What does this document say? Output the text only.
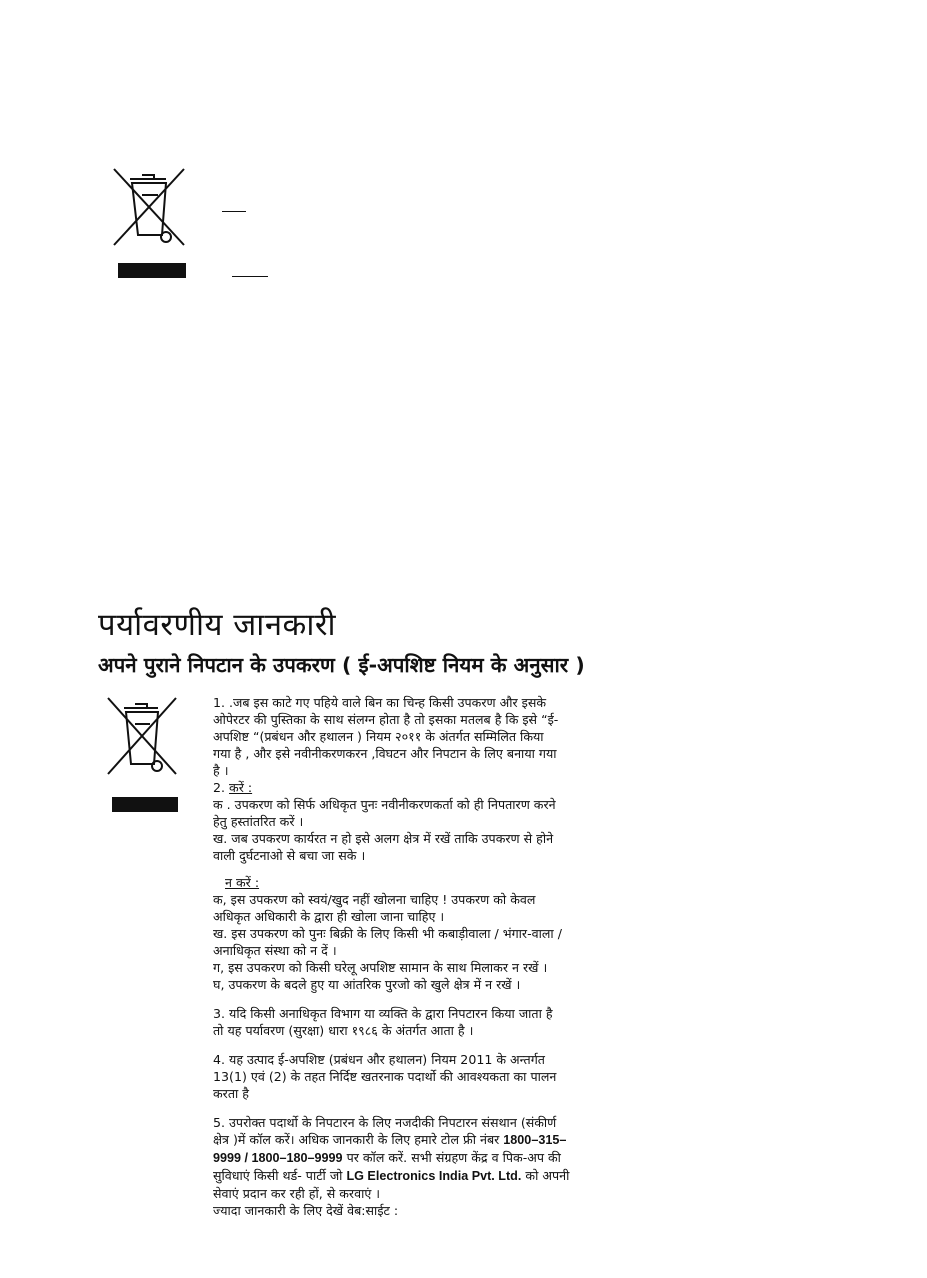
पर्यावरणीय जानकारी
अपने पुराने निपटान के उपकरण ( ई-अपशिष्ट नियम के अनुसार )

1. .जब इस काटे गए पहिये वाले बिन का चिन्ह किसी उपकरण और इसके

ओपेरटर की पुस्तिका के साथ संलग्न होता है तो इसका मतलब है कि इसे “ई-

अपशिष्ट “(प्रबंधन और हथालन ) नियम २०११ के अंतर्गत सम्मिलित किया

गया है , और इसे नवीनीकरणकरन ,विघटन और निपटान के लिए बनाया गया

है ।

2. करें :

क . उपकरण को सिर्फ अधिकृत पुनः नवीनीकरणकर्ता को ही निपतारण करने

हेतु हस्तांतरित करें ।

ख. जब उपकरण कार्यरत न हो इसे अलग क्षेत्र में रखें ताकि उपकरण से होने

वाली दुर्घटनाओ से बचा जा सके ।

न करें :

क, इस उपकरण को स्वयं/खुद नहीं खोलना चाहिए ! उपकरण को केवल

अधिकृत अधिकारी के द्वारा ही खोला जाना चाहिए ।

ख. इस उपकरण को पुनः बिक्री के लिए किसी भी कबाड़ीवाला / भंगार-वाला /

अनाधिकृत संस्था को न दें ।

ग, इस उपकरण को किसी घरेलू अपशिष्ट सामान के साथ मिलाकर न रखें ।

घ, उपकरण के बदले हुए या आंतरिक पुरजो को खुले क्षेत्र में न रखें ।

3. यदि किसी अनाधिकृत विभाग या व्यक्ति के द्वारा निपटारन किया जाता है

तो यह पर्यावरण (सुरक्षा) धारा १९८६ के अंतर्गत आता है ।

4. यह उत्पाद ई-अपशिष्ट (प्रबंधन और हथालन) नियम 2011 के अन्तर्गत

13(1) एवं (2) के तहत निर्दिष्ट खतरनाक पदार्थो की आवश्यकता का पालन

करता है

5. उपरोक्त पदार्थो के निपटारन के लिए नजदीकी निपटारन संसथान (संकीर्ण

क्षेत्र )में कॉल करें। अधिक जानकारी के लिए हमारे टोल फ्री नंबर 1800–315–

9999 / 1800–180–9999 पर कॉल करें. सभी संग्रहण केंद्र व पिक-अप की

सुविधाएं किसी थर्ड- पार्टी जो LG Electronics India Pvt. Ltd. को अपनी

सेवाएं प्रदान कर रही हों, से करवाएं ।

ज्यादा जानकारी के लिए देखें वेब:साईट :
